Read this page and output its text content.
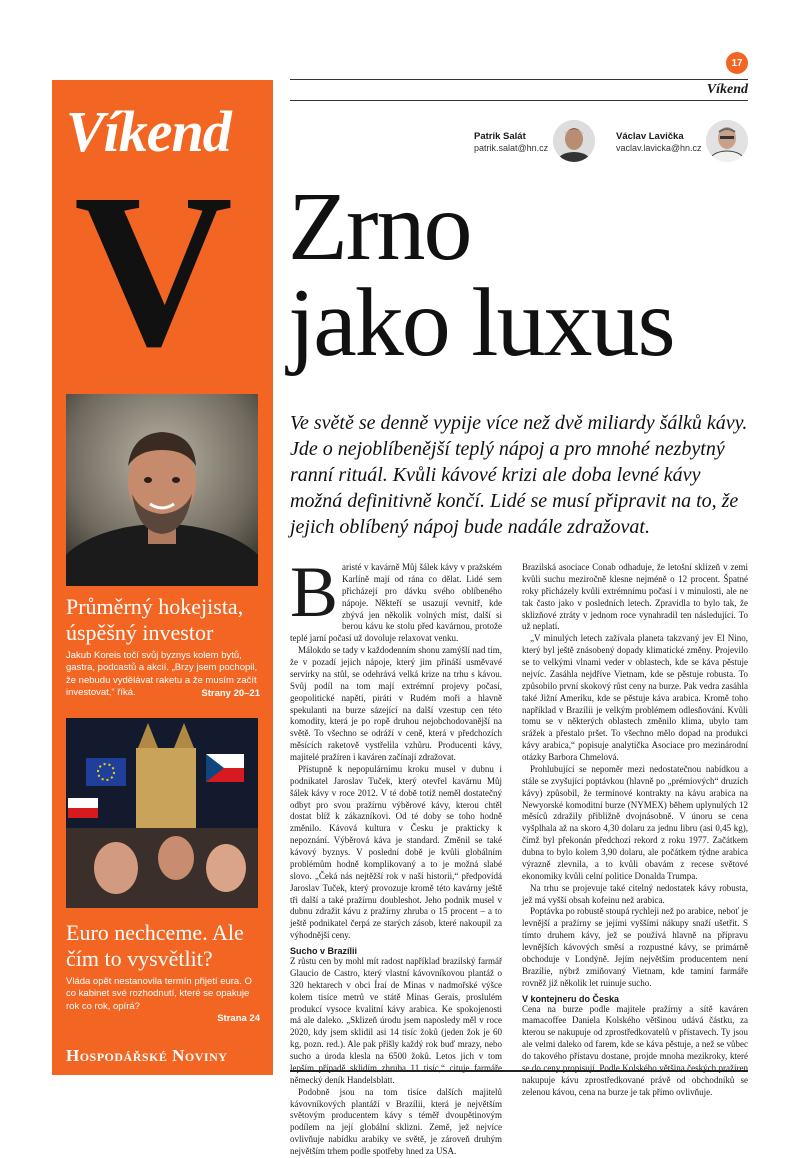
17
Víkend
Víkend
V
Průměrný hokejista, úspěšný investor
Jakub Koreis točí svůj byznys kolem bytů, gastra, podcastů a akcií. „Brzy jsem pochopil, že nebudu vydělávat raketu a že musím začít investovat,“ říká.	Strany 20–21
Euro nechceme. Ale čím to vysvětlit?
Vláda opět nestanovila termín přijetí eura. O co kabinet své rozhodnutí, které se opakuje rok co rok, opírá?
Strana 24
Hospodářské Noviny
Patrik Salát
patrik.salat@hn.cz
Václav Lavička
vaclav.lavicka@hn.cz
Zrno
jako luxus
Ve světě se denně vypije více než dvě miliardy šálků kávy. Jde o nejoblíbenější teplý nápoj a pro mnohé nezbytný ranní rituál. Kvůli kávové krizi ale doba levné kávy možná definitivně končí. Lidé se musí připravit na to, že jejich oblíbený nápoj bude nadále zdražovat.
B aristé v kavárně Můj šálek kávy v pražském Karlíně mají od rána co dělat. Lidé sem přicházejí pro dávku svého oblíbeného nápoje. Někteří se usazují vevnitř, kde zbývá jen několik volných míst, další si berou kávu ke stolu před kavárnou, protože teplé jarní počasí už dovoluje relaxovat venku.

Málokdo se tady v každodenním shonu zamýšlí nad tím, že v pozadí jejich nápoje, který jim přináší usměvavé servírky na stůl, se odehrává velká krize na trhu s kávou. Svůj podíl na tom mají extrémní projevy počasí, geopolitické napětí, piráti v Rudém moři a hlavně spekulanti na burze sázející na další vzestup cen této komodity, která je po ropě druhou nejobchodovanější na světě. To všechno se odráží v ceně, která v předchozích měsících raketově vystřelila vzhůru. Producenti kávy, majitelé pražíren i kaváren začínají zdražovat.

Přístupně k nepopulárnímu kroku musel v dubnu i podnikatel Jaroslav Tuček, který otevřel kavárnu Můj šálek kávy v roce 2012. V té době totiž neměl dostatečný odbyt pro svou pražírnu výběrové kávy, kterou chtěl dostat blíž k zákazníkovi. Od té doby se toho hodně změnilo. Kávová kultura v Česku je prakticky k nepoznání. Výběrová káva je standard. Změnil se také kávový byznys. V poslední době je kvůli globálním problémům hodně komplikovaný a to je možná slabé slovo. „Čeká nás nejtěžší rok v naší historii,“ předpovídá Jaroslav Tuček, který provozuje kromě této kavárny ještě tři další a také pražírnu doubleshot. Jeho podnik musel v dubnu zdražit kávu z pražírny zhruba o 15 procent – a to ještě podnikatel čerpá ze starých zásob, které nakoupil za výhodnější ceny.

Sucho v Brazílii

Z růstu cen by mohl mít radost například brazilský farmář Glaucio de Castro, který vlastní kávovníkovou plantáž o 320 hektarech v obci Íraí de Minas v nadmořské výšce kolem tisíce metrů ve státě Minas Gerais, proslulém produkcí vysoce kvalitní kávy arabica. Ke spokojenosti má ale daleko. „Sklizeň úrodu jsem naposledy měl v roce 2020, kdy jsem sklidil asi 14 tisíc žoků (jeden žok je 60 kg, pozn. red.). Ale pak přišly každý rok buď mrazy, nebo sucho a úroda klesla na 6500 žoků. Letos jich v tom lepším případě sklidím zhruba 11 tisíc,“ cituje farmáře německý deník Handelsblatt.

Podobně jsou na tom tisíce dalších majitelů kávovníkových plantáží v Brazílii, která je největším světovým producentem kávy s téměř dvoupětinovým podílem na její globální sklizni. Země, jež nejvíce ovlivňuje nabídku arabiky ve světě, je zároveň druhým největším trhem podle spotřeby hned za USA.

Brazilská asociace Conab odhaduje, že letošní sklizeň v zemi kvůli suchu meziročně klesne nejméně o 12 procent. Špatné roky přicházely kvůli extrémnímu počasí i v minulosti, ale ne tak často jako v posledních letech. Zpravidla to bylo tak, že sklizňové ztráty v jednom roce vynahradil ten následující. To už neplatí.

„V minulých letech zažívala planeta takzvaný jev El Nino, který byl ještě znásobený dopady klimatické změny. Projevilo se to velkými vlnami veder v oblastech, kde se káva pěstuje nejvíc. Zasáhla nejdříve Vietnam, kde se pěstuje robusta. To způsobilo první skokový růst ceny na burze. Pak vedra zasáhla také Jižní Ameriku, kde se pěstuje káva arabica. Kromě toho například v Brazílii je velkým problémem odlesňování. Kvůli tomu se v některých oblastech změnilo klima, ubylo tam srážek a přestalo pršet. To všechno mělo dopad na produkci kávy arabica,“ popisuje analytička Asociace pro mezinárodní otázky Barbora Chmelová.

Prohlubující se nepoměr mezi nedostatečnou nabídkou a stále se zvyšující poptávkou (hlavně po „prémiových“ druzích kávy) způsobil, že termínové kontrakty na kávu arabica na Newyorské komoditní burze (NYMEX) během uplynulých 12 měsíců zdražily přibližně dvojnásobně. V únoru se cena vyšplhala až na skoro 4,30 dolaru za jednu libru (asi 0,45 kg), čímž byl překonán předchozí rekord z roku 1977. Začátkem dubna to bylo kolem 3,90 dolaru, ale počátkem týdne arabica výrazně zlevnila, a to kvůli obavám z recese světové ekonomiky kvůli celní politice Donalda Trumpa.

Na trhu se projevuje také citelný nedostatek kávy robusta, jež má vyšší obsah kofeinu než arabica.

Poptávka po robustě stoupá rychleji než po arabice, neboť je levnější a pražírny se jejími vyššími nákupy snaží ušetřit. S tímto druhem kávy, jež se používá hlavně na přípravu levnějších kávových směsí a rozpustné kávy, se primárně obchoduje v Londýně. Jejím největším producentem není Brazílie, nýbrž zmiňovaný Vietnam, kde taminí farmáře rovněž již několik let ruinuje sucho.

V kontejneru do Česka

Cena na burze podle majitele pražírny a sítě kaváren mamacoffee Daniela Kolského většinou udává částku, za kterou se nakupuje od zprostředkovatelů v přístavech. Ty jsou ale velmi daleko od farem, kde se káva pěstuje, a než se vůbec do takového přístavu dostane, projde mnoha mezikroky, které se do ceny propisují. Podle Kolského většina českých pražíren nakupuje kávu zprostředkované právě od obchodníků se zelenou kávou, cena na burze je tak přímo ovlivňuje.
